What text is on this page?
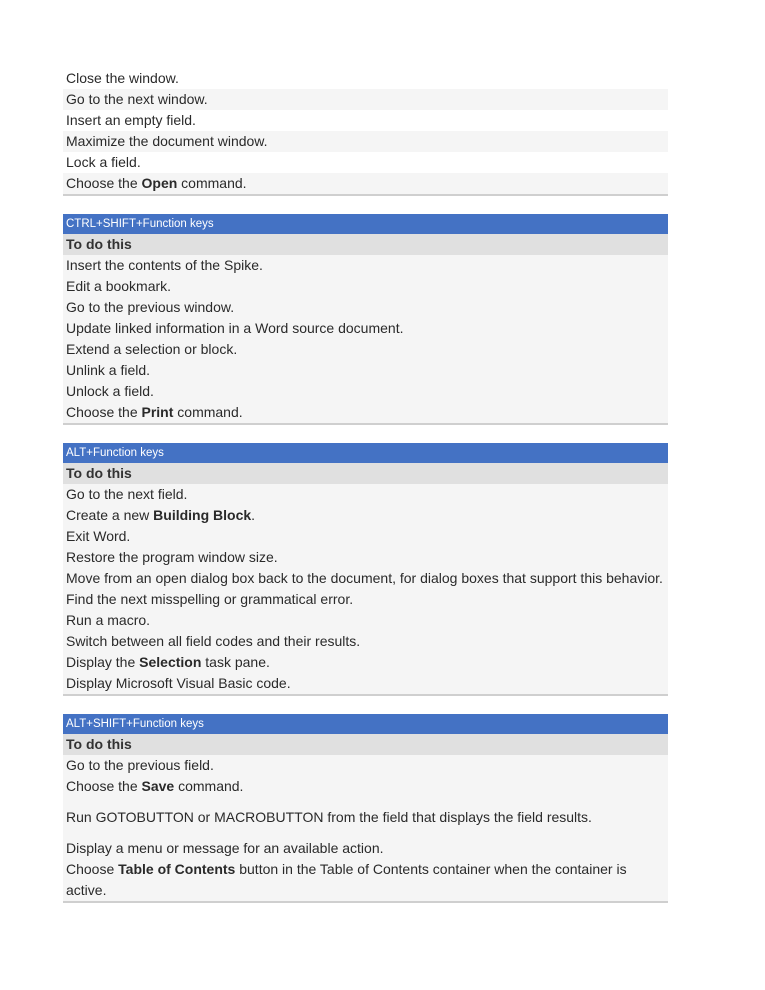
Close the window.
Go to the next window.
Insert an empty field.
Maximize the document window.
Lock a field.
Choose the Open command.
CTRL+SHIFT+Function keys
To do this
Insert the contents of the Spike.
Edit a bookmark.
Go to the previous window.
Update linked information in a Word source document.
Extend a selection or block.
Unlink a field.
Unlock a field.
Choose the Print command.
ALT+Function keys
To do this
Go to the next field.
Create a new Building Block.
Exit Word.
Restore the program window size.
Move from an open dialog box back to the document, for dialog boxes that support this behavior.
Find the next misspelling or grammatical error.
Run a macro.
Switch between all field codes and their results.
Display the Selection task pane.
Display Microsoft Visual Basic code.
ALT+SHIFT+Function keys
To do this
Go to the previous field.
Choose the Save command.
Run GOTOBUTTON or MACROBUTTON from the field that displays the field results.
Display a menu or message for an available action.
Choose Table of Contents button in the Table of Contents container when the container is active.
